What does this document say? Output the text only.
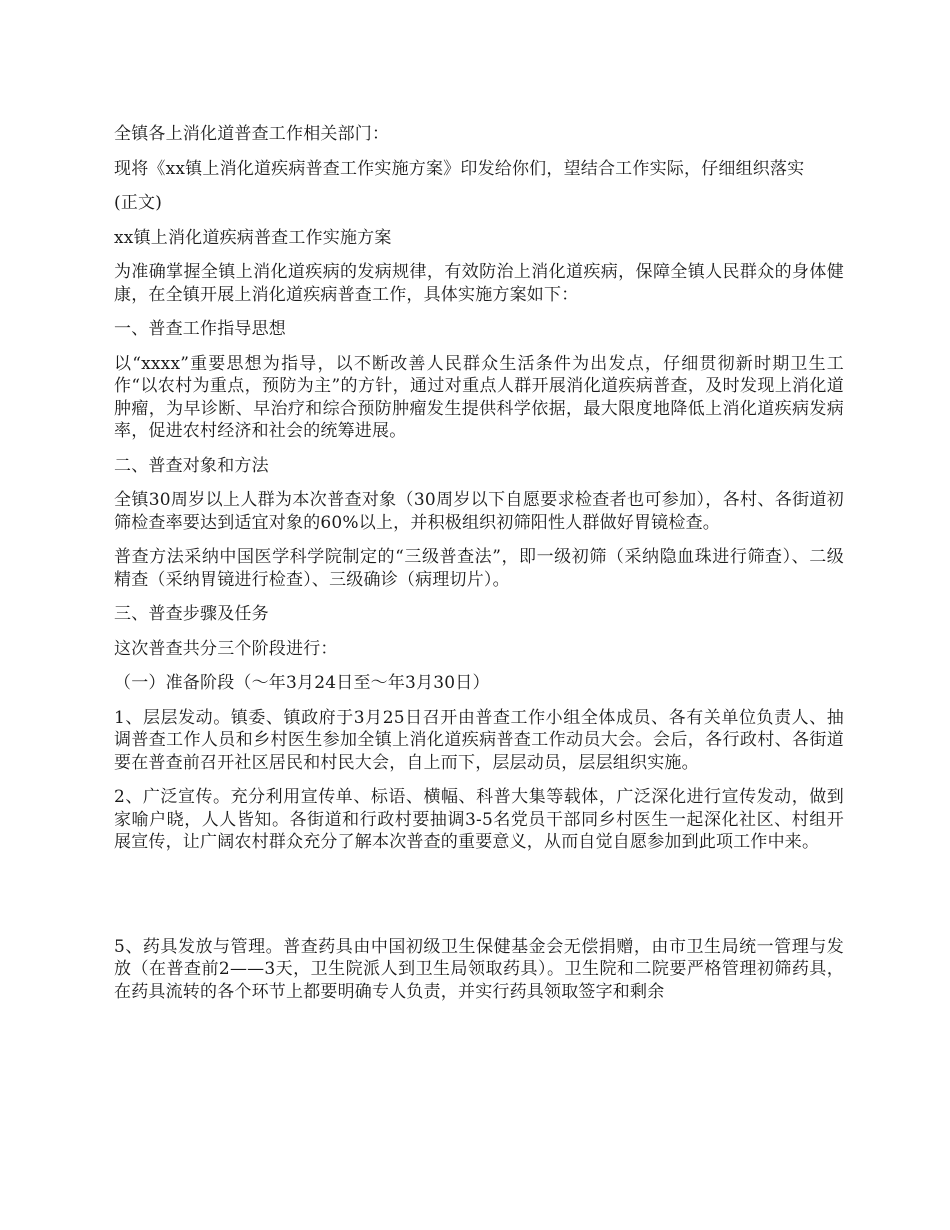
全镇各上消化道普查工作相关部门：

现将《xx镇上消化道疾病普查工作实施方案》印发给你们，望结合工作实际，仔细组织落实

(正文)

xx镇上消化道疾病普查工作实施方案

为准确掌握全镇上消化道疾病的发病规律，有效防治上消化道疾病，保障全镇人民群众的身体健康，在全镇开展上消化道疾病普查工作，具体实施方案如下：

一、普查工作指导思想

以“xxxx”重要思想为指导，以不断改善人民群众生活条件为出发点，仔细贯彻新时期卫生工作“以农村为重点，预防为主”的方针，通过对重点人群开展消化道疾病普查，及时发现上消化道肿瘤，为早诊断、早治疗和综合预防肿瘤发生提供科学依据，最大限度地降低上消化道疾病发病率，促进农村经济和社会的统筹进展。

二、普查对象和方法

全镇30周岁以上人群为本次普查对象（30周岁以下自愿要求检查者也可参加），各村、各街道初筛检查率要达到适宜对象的60%以上，并积极组织初筛阳性人群做好胃镜检查。

普查方法采纳中国医学科学院制定的“三级普查法”，即一级初筛（采纳隐血珠进行筛查）、二级精查（采纳胃镜进行检查）、三级确诊（病理切片）。

三、普查步骤及任务

这次普查共分三个阶段进行：

（一）准备阶段（～年3月24日至～年3月30日）

1、层层发动。镇委、镇政府于3月25日召开由普查工作小组全体成员、各有关单位负责人、抽调普查工作人员和乡村医生参加全镇上消化道疾病普查工作动员大会。会后，各行政村、各街道要在普查前召开社区居民和村民大会，自上而下，层层动员，层层组织实施。

2、广泛宣传。充分利用宣传单、标语、横幅、科普大集等载体，广泛深化进行宣传发动，做到家喻户晓，人人皆知。各街道和行政村要抽调3-5名党员干部同乡村医生一起深化社区、村组开展宣传，让广阔农村群众充分了解本次普查的重要意义，从而自觉自愿参加到此项工作中来。

5、药具发放与管理。普查药具由中国初级卫生保健基金会无偿捐赠，由市卫生局统一管理与发放（在普查前2——3天，卫生院派人到卫生局领取药具）。卫生院和二院要严格管理初筛药具，在药具流转的各个环节上都要明确专人负责，并实行药具领取签字和剩余
